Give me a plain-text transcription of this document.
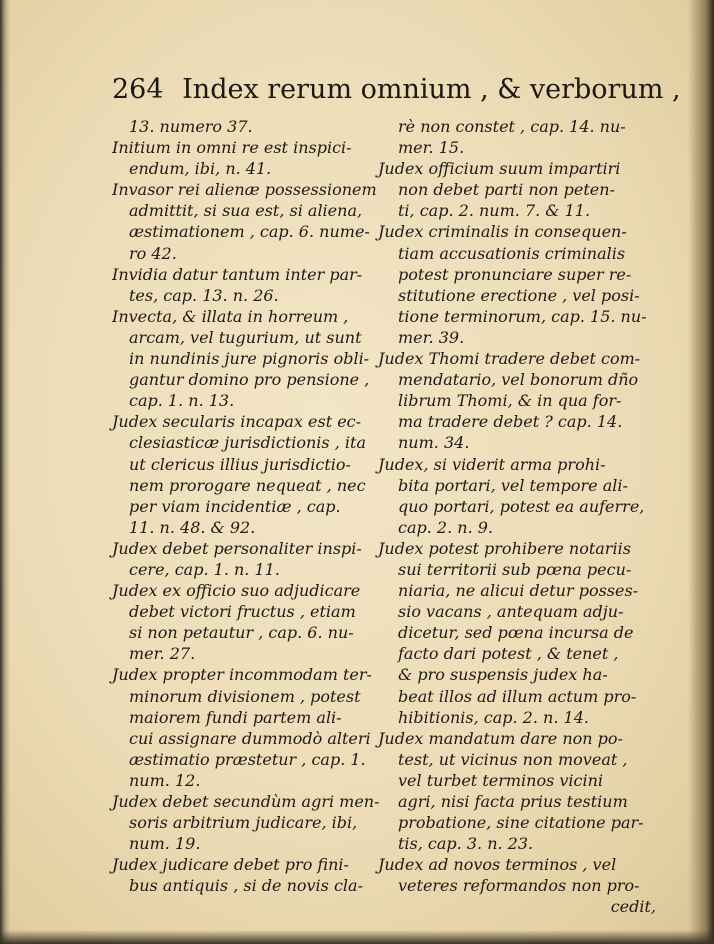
264 Index rerum omnium , & verborum ,
13. numero 37.
Initium in omni re est inspici-
endum, ibi, n. 41.
Invasor rei alienæ possessionem
admittit, si sua est, si aliena,
æstimationem , cap. 6. nume-
ro 42.
Invidia datur tantum inter par-
tes, cap. 13. n. 26.
Invecta, & illata in horreum ,
arcam, vel tugurium, ut sunt
in nundinis jure pignoris obli-
gantur domino pro pensione ,
cap. 1. n. 13.
Judex secularis incapax est ec-
clesiasticæ jurisdictionis , ita
ut clericus illius jurisdictio-
nem prorogare nequeat , nec
per viam incidentiæ , cap.
11. n. 48. & 92.
Judex debet personaliter inspi-
cere, cap. 1. n. 11.
Judex ex officio suo adjudicare
debet victori fructus , etiam
si non petautur , cap. 6. nu-
mer. 27.
Judex propter incommodam ter-
minorum divisionem , potest
maiorem fundi partem ali-
cui assignare dummodò alteri
æstimatio præstetur , cap. 1.
num. 12.
Judex debet secundùm agri men-
soris arbitrium judicare, ibi,
num. 19.
Judex judicare debet pro fini-
bus antiquis , si de novis cla-
rè non constet , cap. 14. nu-
mer. 15.
Judex officium suum impartiri
non debet parti non peten-
ti, cap. 2. num. 7. & 11.
Judex criminalis in consequen-
tiam accusationis criminalis
potest pronunciare super re-
stitutione erectione , vel posi-
tione terminorum, cap. 15. nu-
mer. 39.
Judex Thomi tradere debet com-
mendatario, vel bonorum dño
librum Thomi, & in qua for-
ma tradere debet ? cap. 14.
num. 34.
Judex, si viderit arma prohi-
bita portari, vel tempore ali-
quo portari, potest ea auferre,
cap. 2. n. 9.
Judex potest prohibere notariis
sui territorii sub pœna pecu-
niaria, ne alicui detur posses-
sio vacans , antequam adju-
dicetur, sed pœna incursa de
facto dari potest , & tenet ,
& pro suspensis judex ha-
beat illos ad illum actum pro-
hibitionis, cap. 2. n. 14.
Judex mandatum dare non po-
test, ut vicinus non moveat ,
vel turbet terminos vicini
agri, nisi facta prius testium
probatione, sine citatione par-
tis, cap. 3. n. 23.
Judex ad novos terminos , vel
veteres reformandos non pro-
cedit,
